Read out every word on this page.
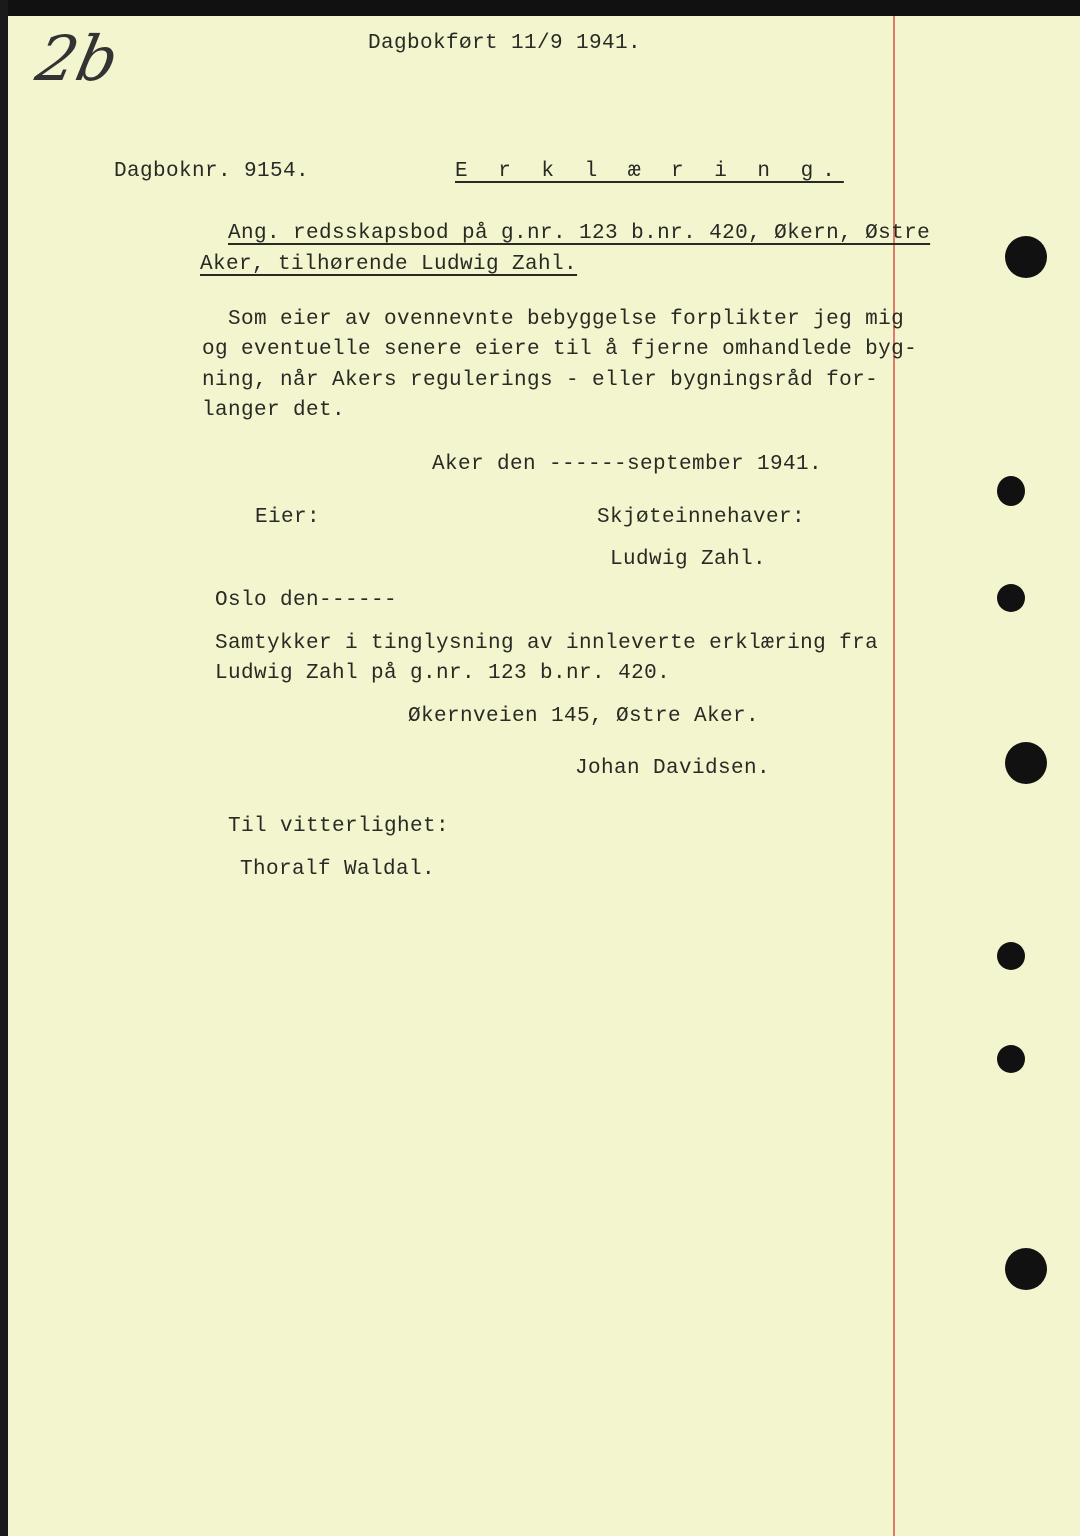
2b	Dagbokført 11/9 1941.
Dagboknr. 9154.	E r k l æ r i n g.
Ang. redsskapsbod på g.nr. 123 b.nr. 420, Økern, Østre
Aker, tilhørende Ludwig Zahl.
Som eier av ovennevnte bebyggelse forplikter jeg mig
og eventuelle senere eiere til å fjerne omhandlede byg-
ning, når Akers regulerings - eller bygningsråd for-
langer det.
Aker den ------september 1941.
Eier:	Skjøteinnehaver:
Ludwig Zahl.
Oslo den------
Samtykker i tinglysning av innleverte erklæring fra
Ludwig Zahl på g.nr. 123 b.nr. 420.
Økernveien 145, Østre Aker.
Johan Davidsen.
Til vitterlighet:
Thoralf Waldal.
